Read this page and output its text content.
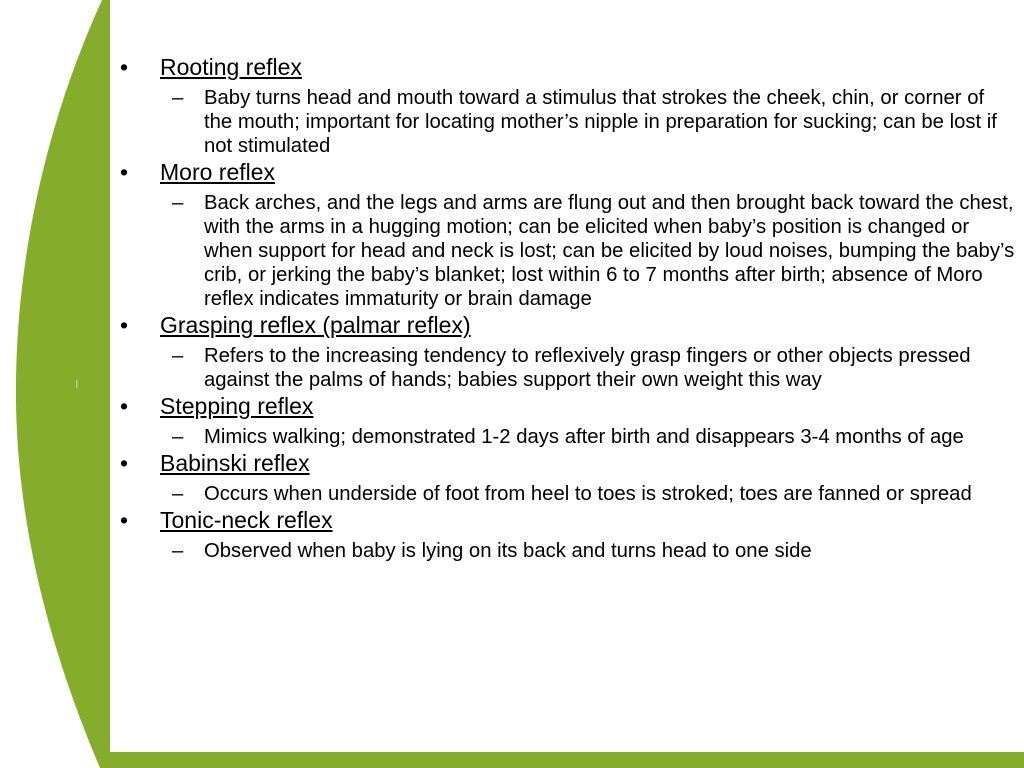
•	Rooting reflex
–	Baby turns head and mouth toward a stimulus that strokes the cheek, chin, or corner of the mouth; important for locating mother’s nipple in preparation for sucking; can be lost if not stimulated
•	Moro reflex
–	Back arches, and the legs and arms are flung out and then brought back toward the chest, with the arms in a hugging motion; can be elicited when baby’s position is changed or when support for head and neck is lost; can be elicited by loud noises, bumping the baby’s crib, or jerking the baby’s blanket; lost within 6 to 7 months after birth; absence of Moro reflex indicates immaturity or brain damage
•	Grasping reflex (palmar reflex)
–	Refers to the increasing tendency to reflexively grasp fingers or other objects pressed against the palms of hands; babies support their own weight this way
•	Stepping reflex
–	Mimics walking; demonstrated 1-2 days after birth and disappears 3-4 months of age
•	Babinski reflex
–	Occurs when underside of foot from heel to toes is stroked; toes are fanned or spread
•	Tonic-neck reflex
–	Observed when baby is lying on its back and turns head to one side
